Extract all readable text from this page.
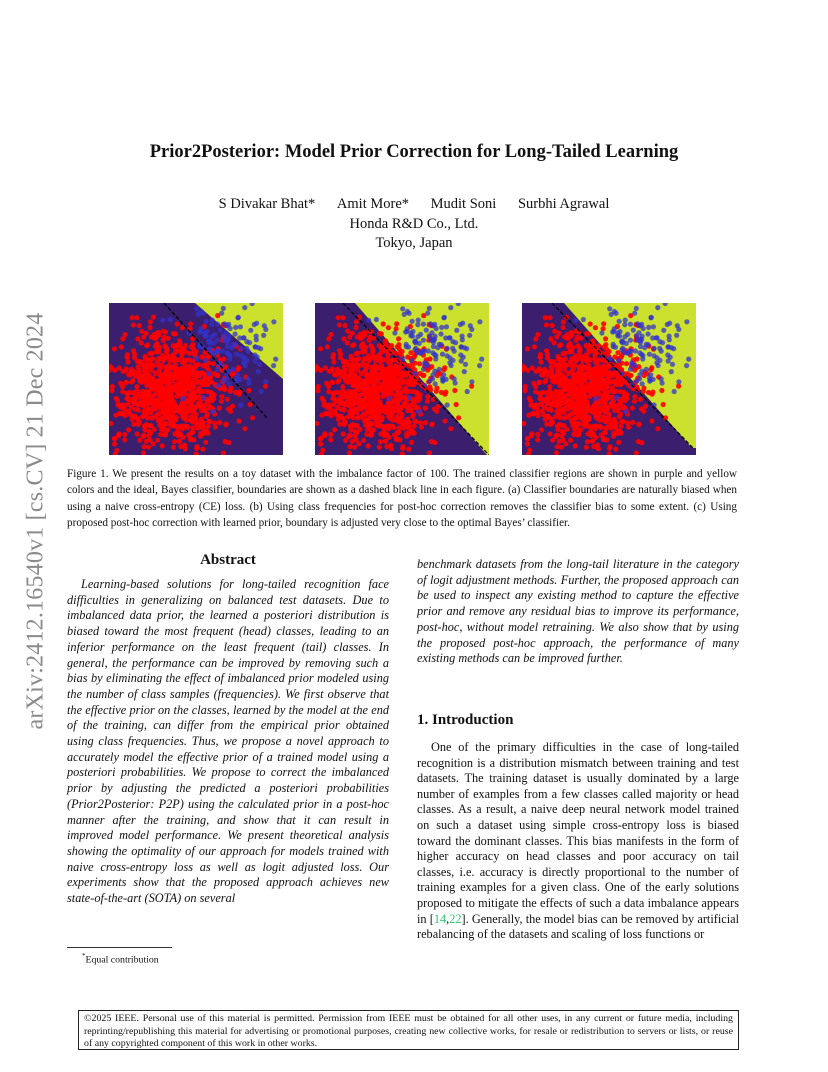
arXiv:2412.16540v1 [cs.CV] 21 Dec 2024
Prior2Posterior: Model Prior Correction for Long-Tailed Learning
S Divakar Bhat* Amit More* Mudit Soni Surbhi Agrawal
Honda R&D Co., Ltd.
Tokyo, Japan
Figure 1. We present the results on a toy dataset with the imbalance factor of 100. The trained classifier regions are shown in purple and yellow colors and the ideal, Bayes classifier, boundaries are shown as a dashed black line in each figure. (a) Classifier boundaries are naturally biased when using a naive cross-entropy (CE) loss. (b) Using class frequencies for post-hoc correction removes the classifier bias to some extent. (c) Using proposed post-hoc correction with learned prior, boundary is adjusted very close to the optimal Bayes’ classifier.
Abstract

Learning-based solutions for long-tailed recognition face difficulties in generalizing on balanced test datasets. Due to imbalanced data prior, the learned a posteriori distribution is biased toward the most frequent (head) classes, leading to an inferior performance on the least frequent (tail) classes. In general, the performance can be improved by removing such a bias by eliminating the effect of imbalanced prior modeled using the number of class samples (frequencies). We first observe that the effective prior on the classes, learned by the model at the end of the training, can differ from the empirical prior obtained using class frequencies. Thus, we propose a novel approach to accurately model the effective prior of a trained model using a posteriori probabilities. We propose to correct the imbalanced prior by adjusting the predicted a posteriori probabilities (Prior2Posterior: P2P) using the calculated prior in a post-hoc manner after the training, and show that it can result in improved model performance. We present theoretical analysis showing the optimality of our approach for models trained with naive cross-entropy loss as well as logit adjusted loss. Our experiments show that the proposed approach achieves new state-of-the-art (SOTA) on several

benchmark datasets from the long-tail literature in the category of logit adjustment methods. Further, the proposed approach can be used to inspect any existing method to capture the effective prior and remove any residual bias to improve its performance, post-hoc, without model retraining. We also show that by using the proposed post-hoc approach, the performance of many existing methods can be improved further.

1. Introduction

One of the primary difficulties in the case of long-tailed recognition is a distribution mismatch between training and test datasets. The training dataset is usually dominated by a large number of examples from a few classes called majority or head classes. As a result, a naive deep neural network model trained on such a dataset using simple cross-entropy loss is biased toward the dominant classes. This bias manifests in the form of higher accuracy on head classes and poor accuracy on tail classes, i.e. accuracy is directly proportional to the number of training examples for a given class. One of the early solutions proposed to mitigate the effects of such a data imbalance appears in [14,22]. Generally, the model bias can be removed by artificial rebalancing of the datasets and scaling of loss functions or

*Equal contribution
©2025 IEEE. Personal use of this material is permitted. Permission from IEEE must be obtained for all other uses, in any current or future media, including reprinting/republishing this material for advertising or promotional purposes, creating new collective works, for resale or redistribution to servers or lists, or reuse of any copyrighted component of this work in other works.
